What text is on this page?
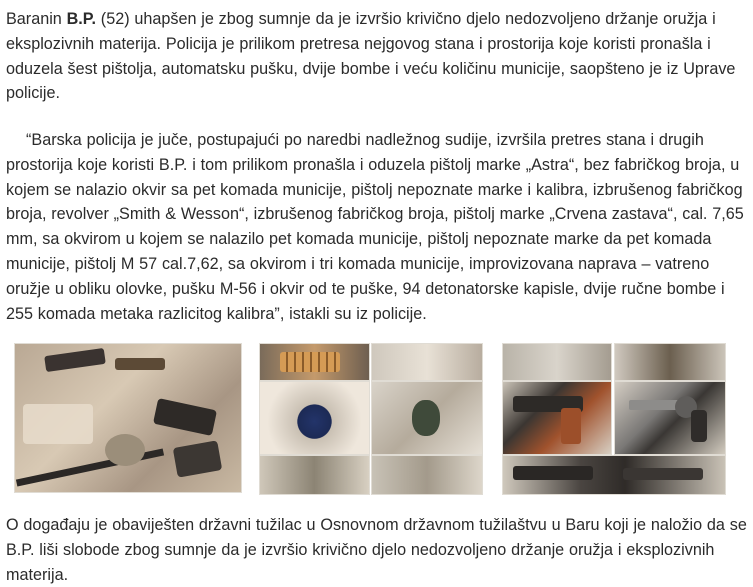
Baranin B.P. (52) uhapšen je zbog sumnje da je izvršio krivično djelo nedozvoljeno držanje oružja i eksplozivnih materija. Policija je prilikom pretresa nejgovog stana i prostorija koje koristi pronašla i oduzela šest pištolja, automatsku pušku, dvije bombe i veću količinu municije, saopšteno je iz Uprave policije.

“Barska policija je juče, postupajući po naredbi nadležnog sudije, izvršila pretres stana i drugih prostorija koje koristi B.P. i tom prilikom pronašla i oduzela pištolj marke „Astra“, bez fabričkog broja, u kojem se nalazio okvir sa pet komada municije, pištolj nepoznate marke i kalibra, izbrušenog fabričkog broja, revolver „Smith & Wesson“, izbrušenog fabričkog broja, pištolj marke „Crvena zastava“, cal. 7,65 mm, sa okvirom u kojem se nalazilo pet komada municije, pištolj nepoznate marke da pet komada municije, pištolj M 57 cal.7,62, sa okvirom i tri komada municije, improvizovana naprava – vatreno oružje u obliku olovke, pušku M-56 i okvir od te puške, 94 detonatorske kapisle, dvije ručne bombe i 255 komada metaka razlicitog kalibra”, istakli su iz policije.

O događaju je obaviješten državni tužilac u Osnovnom državnom tužilaštvu u Baru koji je naložio da se B.P. liši slobode zbog sumnje da je izvršio krivično djelo nedozvoljeno držanje oružja i eksplozivnih materija.
